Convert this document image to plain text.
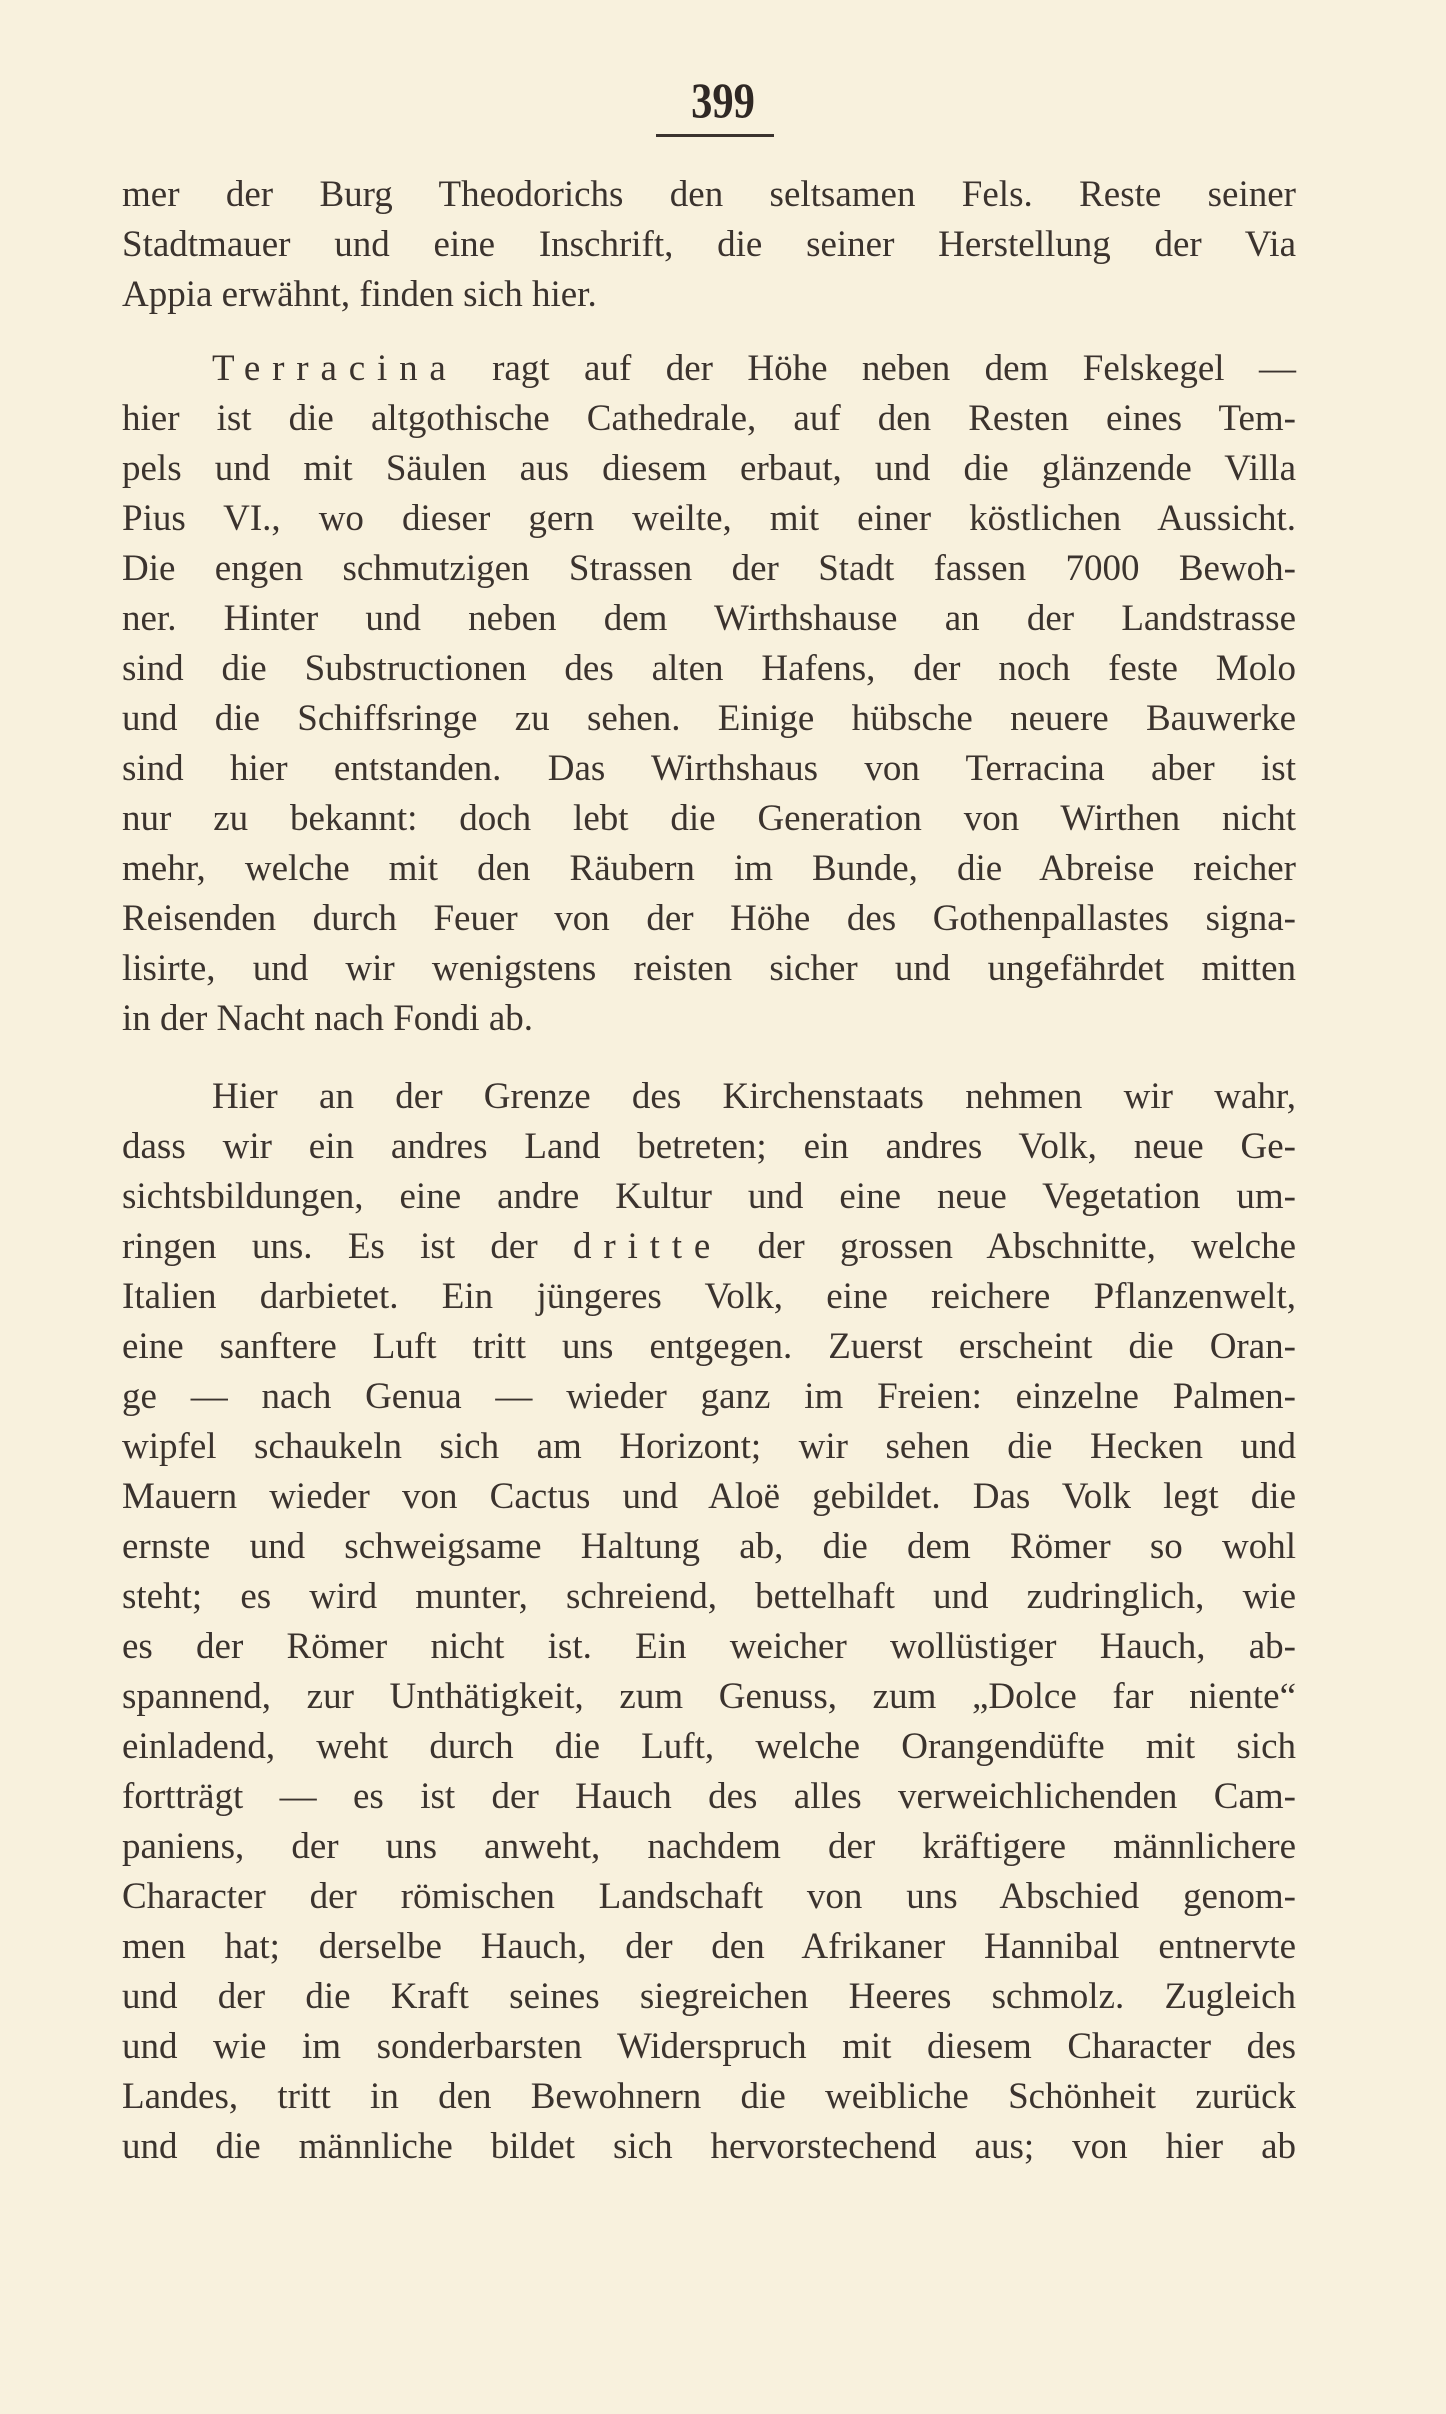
399
mer der Burg Theodorichs den seltsamen Fels. Reste seiner
Stadtmauer und eine Inschrift, die seiner Herstellung der Via
Appia erwähnt, finden sich hier.
Terracina ragt auf der Höhe neben dem Felskegel —
hier ist die altgothische Cathedrale, auf den Resten eines Tem-
pels und mit Säulen aus diesem erbaut, und die glänzende Villa
Pius VI., wo dieser gern weilte, mit einer köstlichen Aussicht.
Die engen schmutzigen Strassen der Stadt fassen 7000 Bewoh-
ner. Hinter und neben dem Wirthshause an der Landstrasse
sind die Substructionen des alten Hafens, der noch feste Molo
und die Schiffsringe zu sehen. Einige hübsche neuere Bauwerke
sind hier entstanden. Das Wirthshaus von Terracina aber ist
nur zu bekannt: doch lebt die Generation von Wirthen nicht
mehr, welche mit den Räubern im Bunde, die Abreise reicher
Reisenden durch Feuer von der Höhe des Gothenpallastes signa-
lisirte, und wir wenigstens reisten sicher und ungefährdet mitten
in der Nacht nach Fondi ab.
Hier an der Grenze des Kirchenstaats nehmen wir wahr,
dass wir ein andres Land betreten; ein andres Volk, neue Ge-
sichtsbildungen, eine andre Kultur und eine neue Vegetation um-
ringen uns. Es ist der dritte der grossen Abschnitte, welche
Italien darbietet. Ein jüngeres Volk, eine reichere Pflanzenwelt,
eine sanftere Luft tritt uns entgegen. Zuerst erscheint die Oran-
ge — nach Genua — wieder ganz im Freien: einzelne Palmen-
wipfel schaukeln sich am Horizont; wir sehen die Hecken und
Mauern wieder von Cactus und Aloë gebildet. Das Volk legt die
ernste und schweigsame Haltung ab, die dem Römer so wohl
steht; es wird munter, schreiend, bettelhaft und zudringlich, wie
es der Römer nicht ist. Ein weicher wollüstiger Hauch, ab-
spannend, zur Unthätigkeit, zum Genuss, zum „Dolce far niente“
einladend, weht durch die Luft, welche Orangendüfte mit sich
fortträgt — es ist der Hauch des alles verweichlichenden Cam-
paniens, der uns anweht, nachdem der kräftigere männlichere
Character der römischen Landschaft von uns Abschied genom-
men hat; derselbe Hauch, der den Afrikaner Hannibal entnervte
und der die Kraft seines siegreichen Heeres schmolz. Zugleich
und wie im sonderbarsten Widerspruch mit diesem Character des
Landes, tritt in den Bewohnern die weibliche Schönheit zurück
und die männliche bildet sich hervorstechend aus; von hier ab
